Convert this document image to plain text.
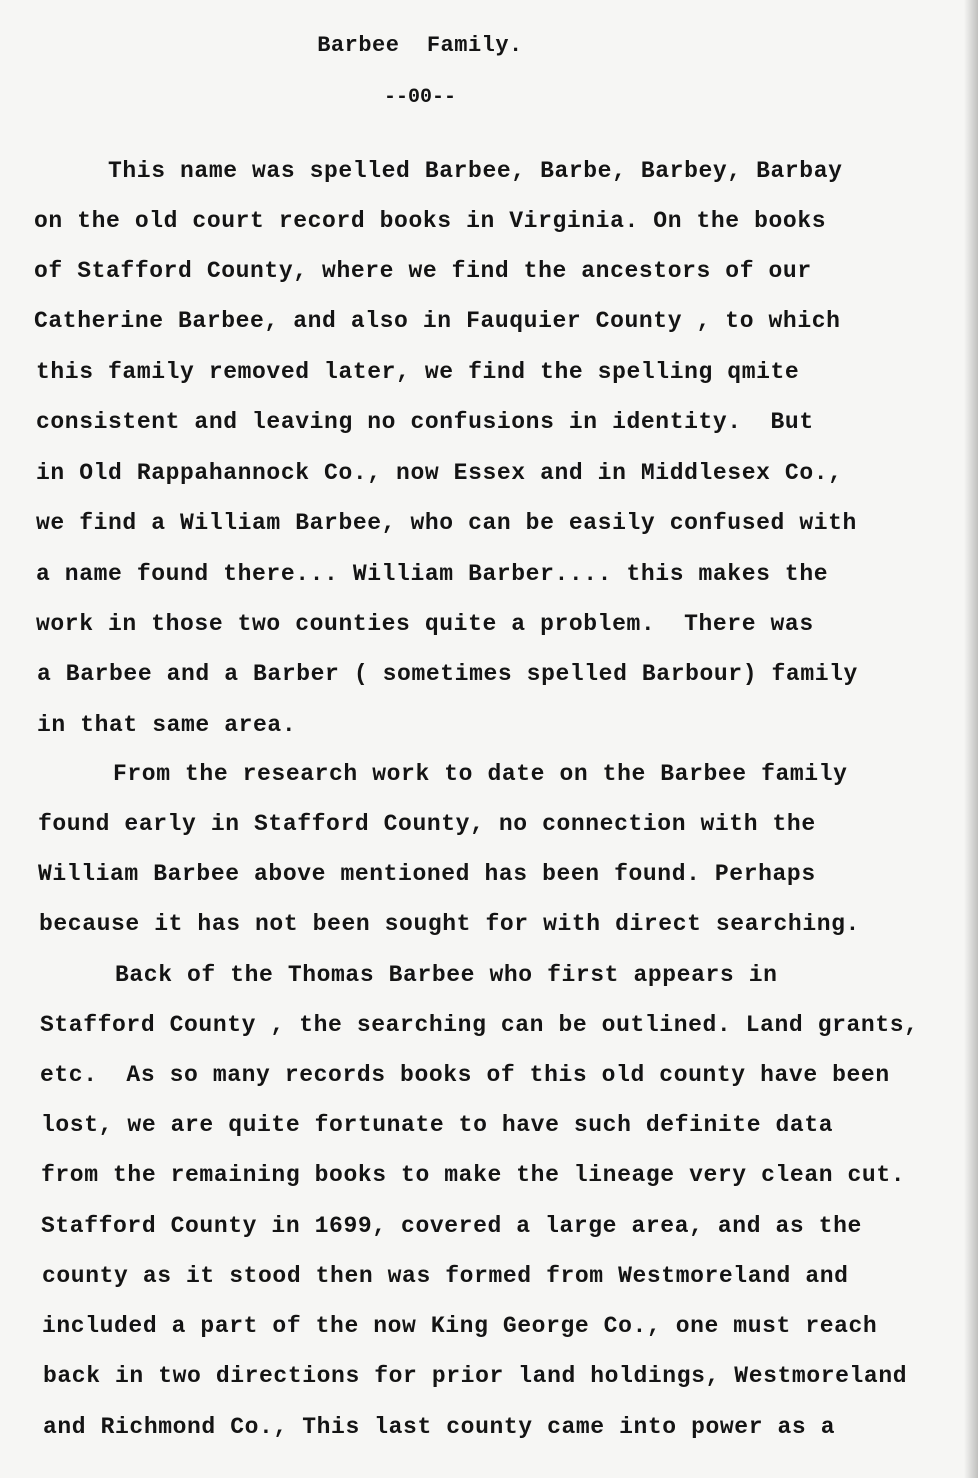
Barbee  Family.
--00--
This name was spelled Barbee, Barbe, Barbey, Barbay
on the old court record books in Virginia. On the books
of Stafford County, where we find the ancestors of our
Catherine Barbee, and also in Fauquier County , to which
this family removed later, we find the spelling qmite
consistent and leaving no confusions in identity.  But
in Old Rappahannock Co., now Essex and in Middlesex Co.,
we find a William Barbee, who can be easily confused with
a name found there... William Barber.... this makes the
work in those two counties quite a problem.  There was
a Barbee and a Barber ( sometimes spelled Barbour) family
in that same area.
From the research work to date on the Barbee family
found early in Stafford County, no connection with the
William Barbee above mentioned has been found. Perhaps
because it has not been sought for with direct searching.
Back of the Thomas Barbee who first appears in
Stafford County , the searching can be outlined. Land grants,
etc.  As so many records books of this old county have been
lost, we are quite fortunate to have such definite data
from the remaining books to make the lineage very clean cut.
Stafford County in 1699, covered a large area, and as the
county as it stood then was formed from Westmoreland and
included a part of the now King George Co., one must reach
back in two directions for prior land holdings, Westmoreland
and Richmond Co., This last county came into power as a
